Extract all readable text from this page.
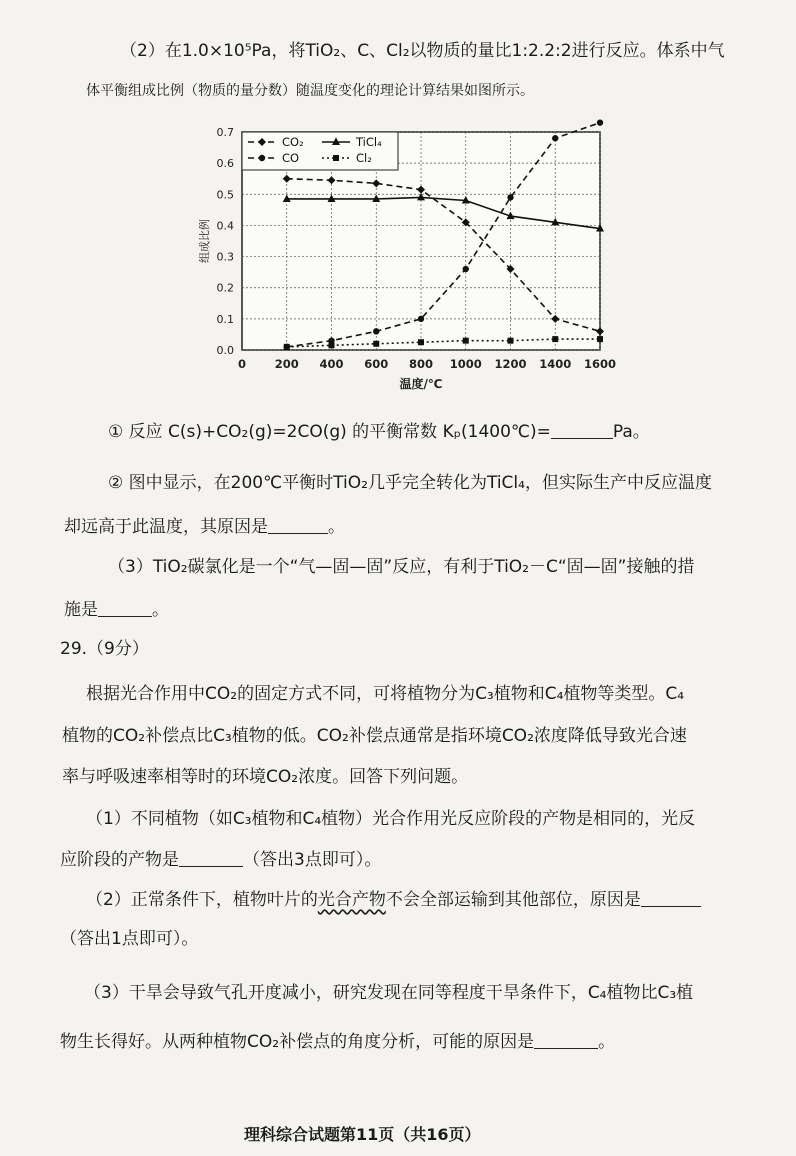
（2）在1.0×10⁵Pa，将TiO₂、C、Cl₂以物质的量比1:2.2:2进行反应。体系中气
体平衡组成比例（物质的量分数）随温度变化的理论计算结果如图所示。
0.0
0.1
0.2
0.3
0.4
0.5
0.6
0.7
0 200 400 600 800 1000 1200 1400 1600
温度/℃
组成比例
CO₂
CO
TiCl₄
Cl₂
① 反应 C(s)+CO₂(g)=2CO(g) 的平衡常数 Kₚ(1400℃)=	Pa。
② 图中显示，在200℃平衡时TiO₂几乎完全转化为TiCl₄，但实际生产中反应温度
却远高于此温度，其原因是	。
（3）TiO₂碳氯化是一个“气—固—固”反应，有利于TiO₂－C“固—固”接触的措
施是	。
29.（9分）
根据光合作用中CO₂的固定方式不同，可将植物分为C₃植物和C₄植物等类型。C₄
植物的CO₂补偿点比C₃植物的低。CO₂补偿点通常是指环境CO₂浓度降低导致光合速
率与呼吸速率相等时的环境CO₂浓度。回答下列问题。
（1）不同植物（如C₃植物和C₄植物）光合作用光反应阶段的产物是相同的，光反
应阶段的产物是	（答出3点即可）。
（2）正常条件下，植物叶片的光合产物不会全部运输到其他部位，原因是
（答出1点即可）。
（3）干旱会导致气孔开度减小，研究发现在同等程度干旱条件下，C₄植物比C₃植
物生长得好。从两种植物CO₂补偿点的角度分析，可能的原因是	。
理科综合试题第11页（共16页）
